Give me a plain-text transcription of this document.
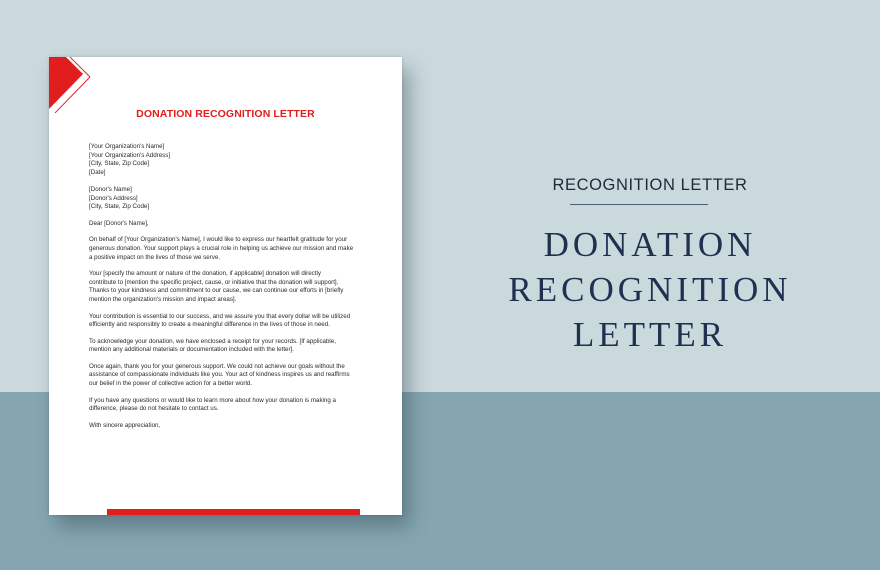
DONATION RECOGNITION LETTER
[Your Organization's Name]
[Your Organization's Address]
[City, State, Zip Code]
[Date]
[Donor's Name]
[Donor's Address]
[City, State, Zip Code]
Dear [Donor's Name],
On behalf of [Your Organization's Name], I would like to express our heartfelt gratitude for your
generous donation. Your support plays a crucial role in helping us achieve our mission and make
a positive impact on the lives of those we serve.
Your [specify the amount or nature of the donation, if applicable] donation will directly
contribute to [mention the specific project, cause, or initiative that the donation will support].
Thanks to your kindness and commitment to our cause, we can continue our efforts in [briefly
mention the organization's mission and impact areas].
Your contribution is essential to our success, and we assure you that every dollar will be utilized
efficiently and responsibly to create a meaningful difference in the lives of those in need.
To acknowledge your donation, we have enclosed a receipt for your records. [If applicable,
mention any additional materials or documentation included with the letter].
Once again, thank you for your generous support. We could not achieve our goals without the
assistance of compassionate individuals like you. Your act of kindness inspires us and reaffirms
our belief in the power of collective action for a better world.
If you have any questions or would like to learn more about how your donation is making a
difference, please do not hesitate to contact us.
With sincere appreciation,
RECOGNITION LETTER
DONATION
RECOGNITION
LETTER
